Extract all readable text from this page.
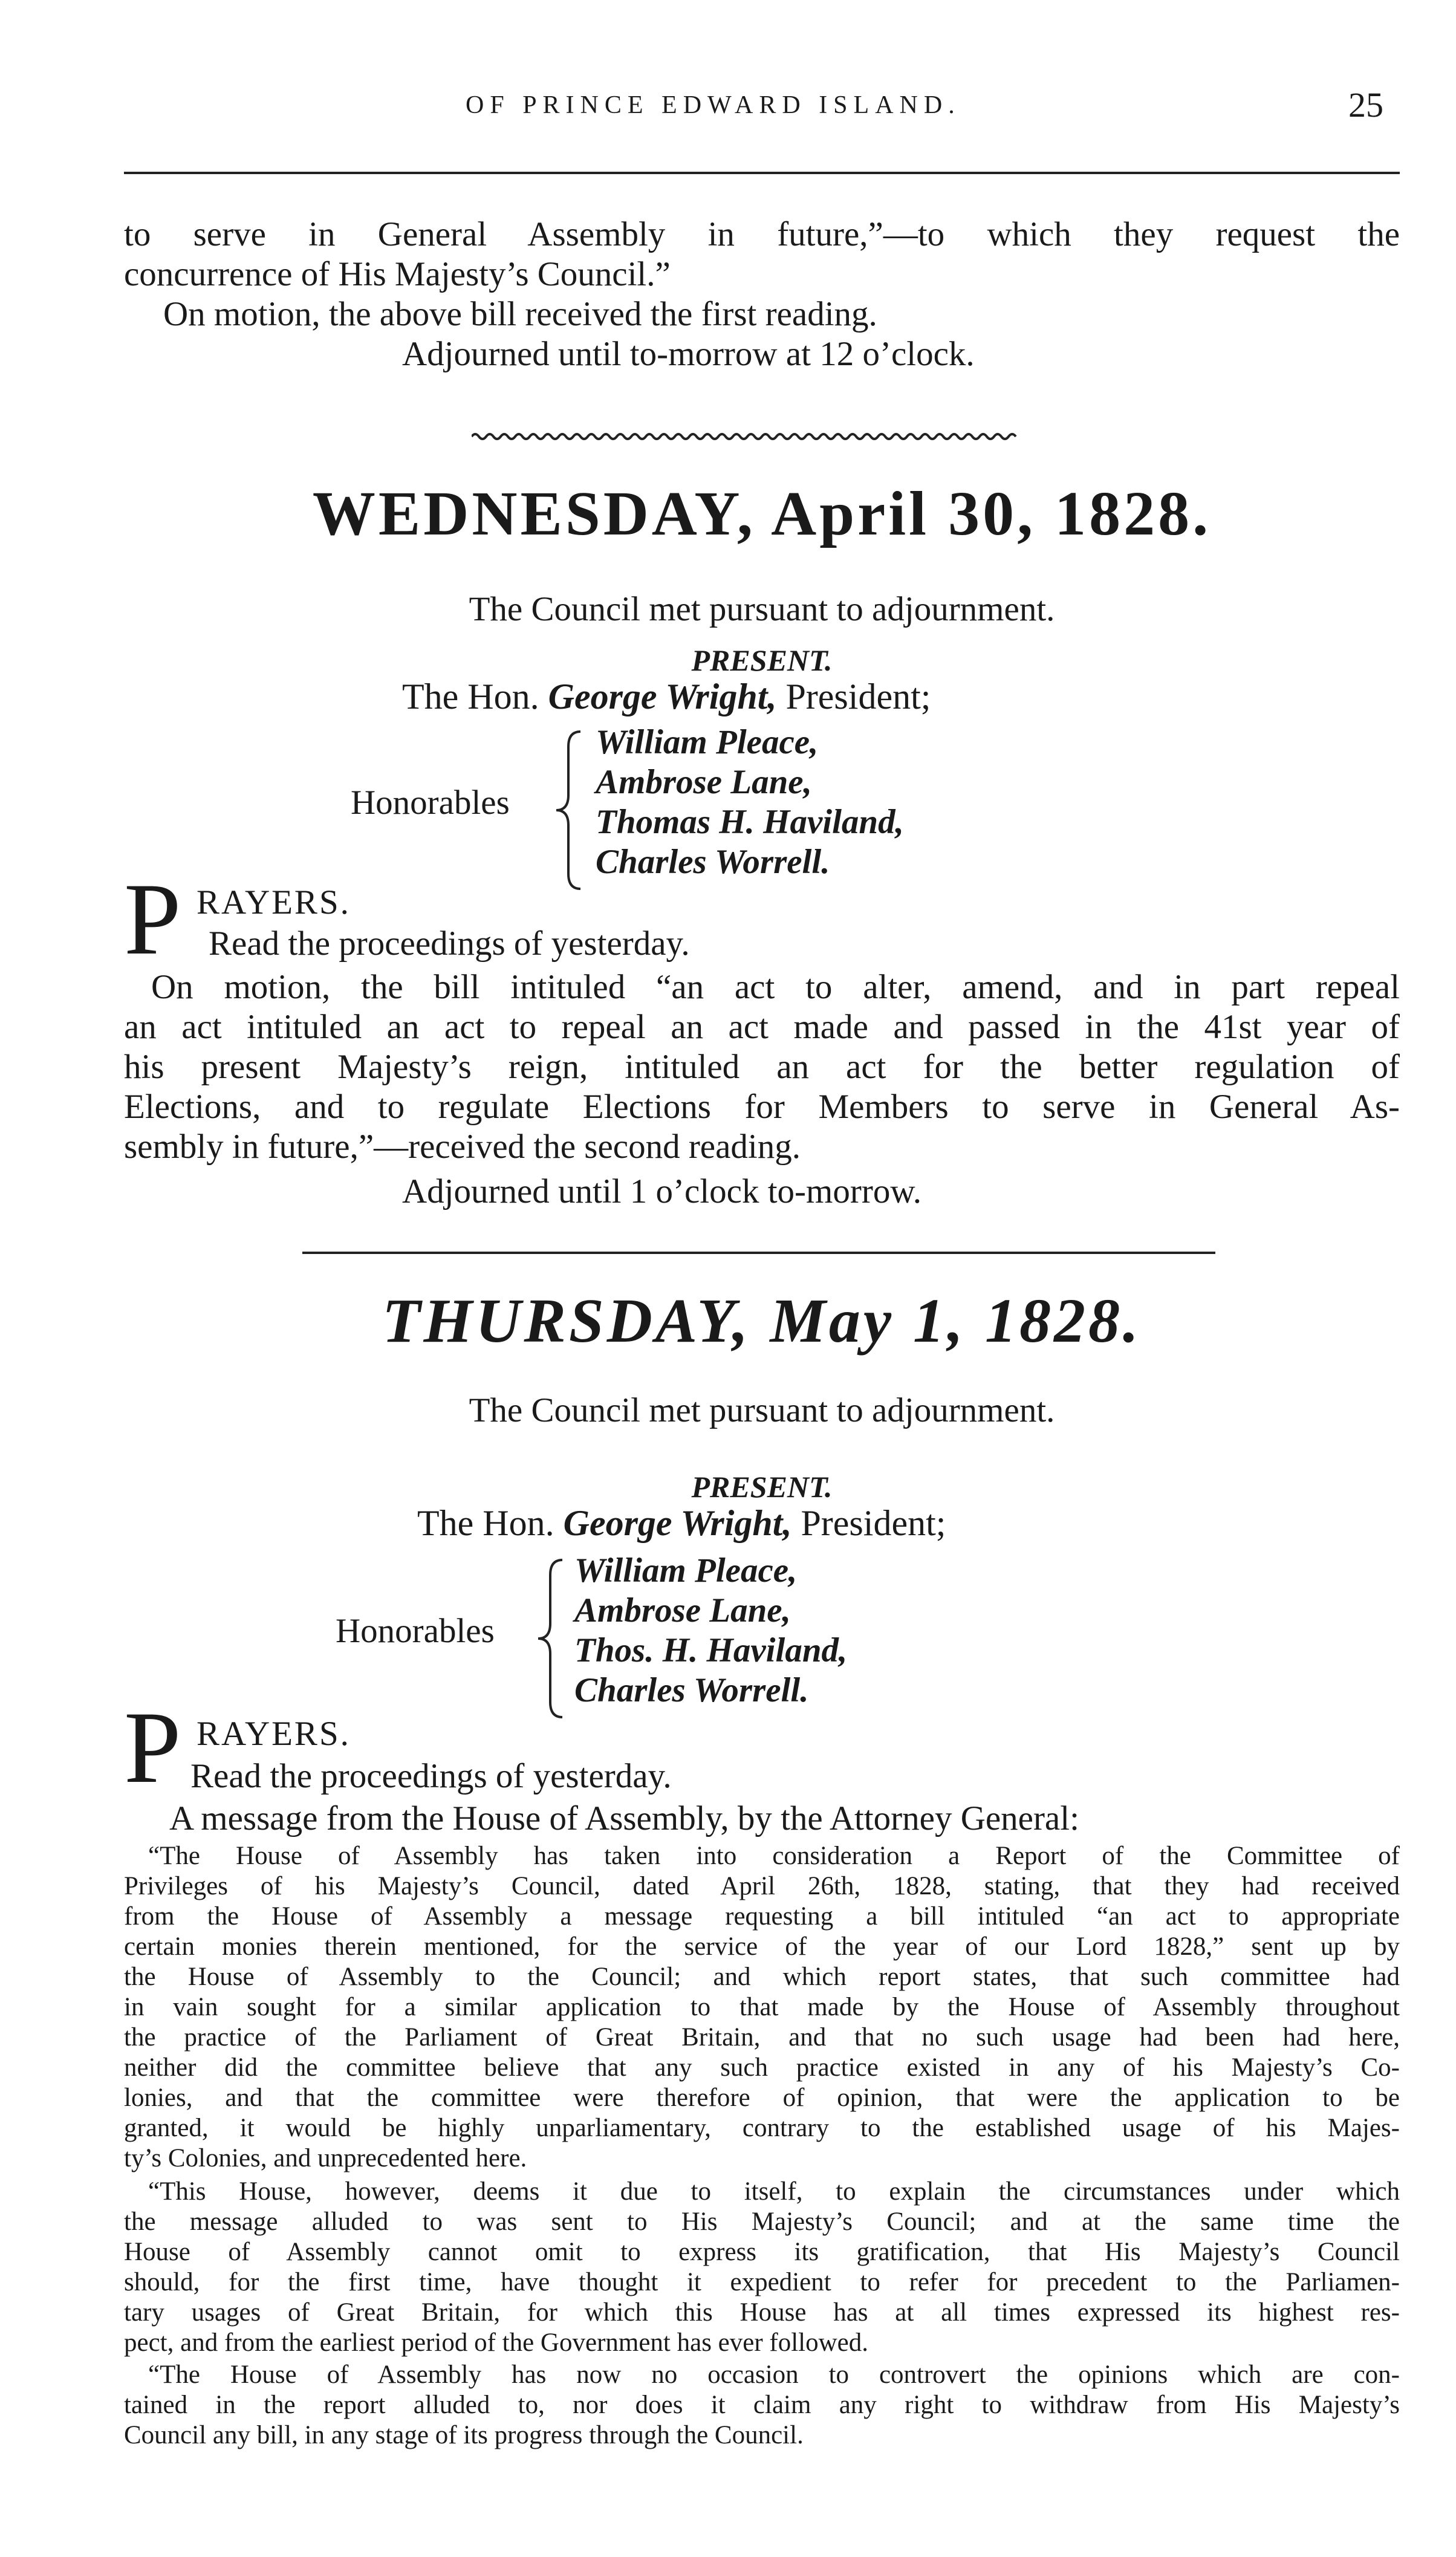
OF PRINCE EDWARD ISLAND.	25
to serve in General Assembly in future,”—to which they request the
concurrence of His Majesty’s Council.”
On motion, the above bill received the first reading.
Adjourned until to-morrow at 12 o’clock.
WEDNESDAY, April 30, 1828.
The Council met pursuant to adjournment.
PRESENT.
The Hon. George Wright, President;
Honorables
William Pleace,
Ambrose Lane,
Thomas H. Haviland,
Charles Worrell.
P RAYERS.
Read the proceedings of yesterday.
On motion, the bill intituled “an act to alter, amend, and in part repeal
an act intituled an act to repeal an act made and passed in the 41st year of
his present Majesty’s reign, intituled an act for the better regulation of
Elections, and to regulate Elections for Members to serve in General As-
sembly in future,”—received the second reading.
Adjourned until 1 o’clock to-morrow.
THURSDAY, May 1, 1828.
The Council met pursuant to adjournment.
PRESENT.
The Hon. George Wright, President;
Honorables
William Pleace,
Ambrose Lane,
Thos. H. Haviland,
Charles Worrell.
P RAYERS.
Read the proceedings of yesterday.
A message from the House of Assembly, by the Attorney General:
“The House of Assembly has taken into consideration a Report of the Committee of
Privileges of his Majesty’s Council, dated April 26th, 1828, stating, that they had received
from the House of Assembly a message requesting a bill intituled “an act to appropriate
certain monies therein mentioned, for the service of the year of our Lord 1828,” sent up by
the House of Assembly to the Council; and which report states, that such committee had
in vain sought for a similar application to that made by the House of Assembly throughout
the practice of the Parliament of Great Britain, and that no such usage had been had here,
neither did the committee believe that any such practice existed in any of his Majesty’s Co-
lonies, and that the committee were therefore of opinion, that were the application to be
granted, it would be highly unparliamentary, contrary to the established usage of his Majes-
ty’s Colonies, and unprecedented here.
“This House, however, deems it due to itself, to explain the circumstances under which
the message alluded to was sent to His Majesty’s Council; and at the same time the
House of Assembly cannot omit to express its gratification, that His Majesty’s Council
should, for the first time, have thought it expedient to refer for precedent to the Parliamen-
tary usages of Great Britain, for which this House has at all times expressed its highest res-
pect, and from the earliest period of the Government has ever followed.
“The House of Assembly has now no occasion to controvert the opinions which are con-
tained in the report alluded to, nor does it claim any right to withdraw from His Majesty’s
Council any bill, in any stage of its progress through the Council.
